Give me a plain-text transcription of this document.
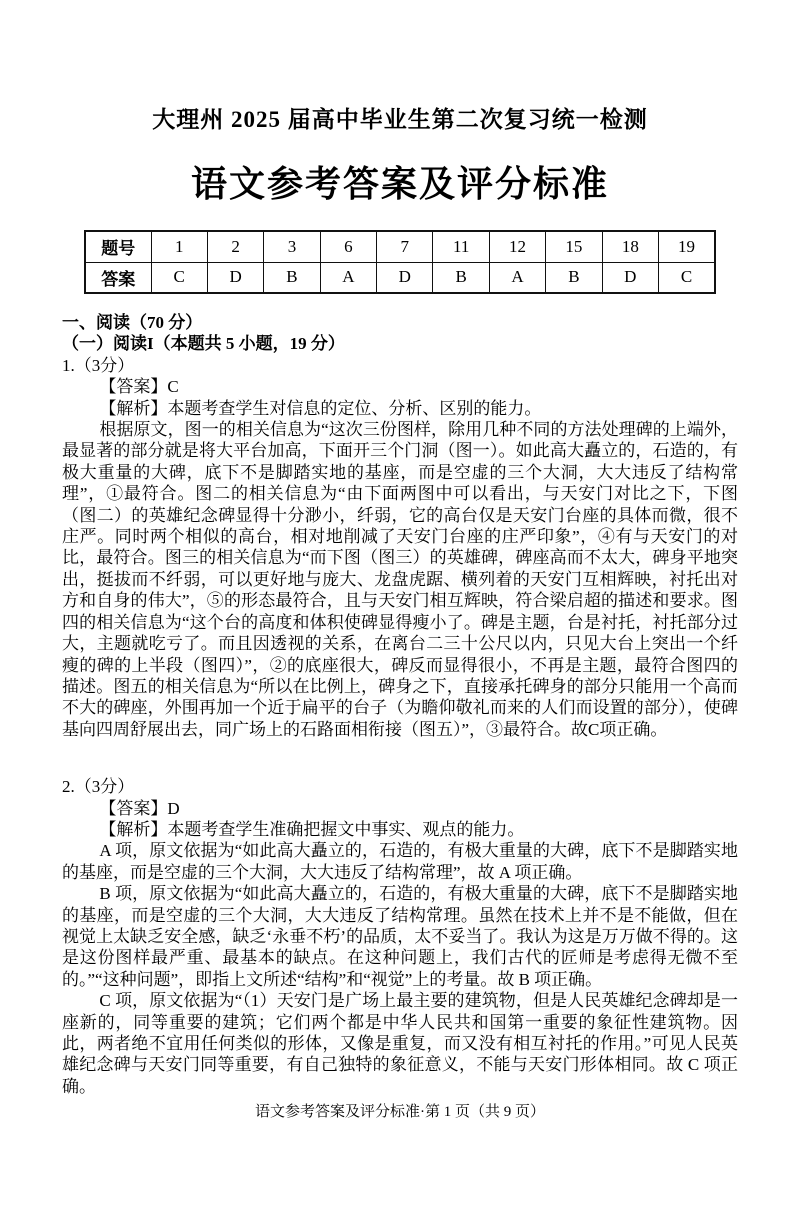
大理州 2025 届高中毕业生第二次复习统一检测
语文参考答案及评分标准
题号	1	2	3	6	7	11	12	15	18	19
答案	C	D	B	A	D	B	A	B	D	C
一、阅读（70 分）
（一）阅读I（本题共 5 小题，19 分）
1.（3分）
【答案】C
【解析】本题考查学生对信息的定位、分析、区别的能力。
根据原文，图一的相关信息为“这次三份图样，除用几种不同的方法处理碑的上端外，最显著的部分就是将大平台加高，下面开三个门洞（图一）。如此高大矗立的，石造的，有极大重量的大碑，底下不是脚踏实地的基座，而是空虚的三个大洞，大大违反了结构常理”，①最符合。图二的相关信息为“由下面两图中可以看出，与天安门对比之下，下图（图二）的英雄纪念碑显得十分渺小，纤弱，它的高台仅是天安门台座的具体而微，很不庄严。同时两个相似的高台，相对地削减了天安门台座的庄严印象”，④有与天安门的对比，最符合。图三的相关信息为“而下图（图三）的英雄碑，碑座高而不太大，碑身平地突出，挺拔而不纤弱，可以更好地与庞大、龙盘虎踞、横列着的天安门互相辉映，衬托出对方和自身的伟大”，⑤的形态最符合，且与天安门相互辉映，符合梁启超的描述和要求。图四的相关信息为“这个台的高度和体积使碑显得瘦小了。碑是主题，台是衬托，衬托部分过大，主题就吃亏了。而且因透视的关系，在离台二三十公尺以内，只见大台上突出一个纤瘦的碑的上半段（图四）”，②的底座很大，碑反而显得很小，不再是主题，最符合图四的描述。图五的相关信息为“所以在比例上，碑身之下，直接承托碑身的部分只能用一个高而不大的碑座，外围再加一个近于扁平的台子（为瞻仰敬礼而来的人们而设置的部分），使碑基向四周舒展出去，同广场上的石路面相衔接（图五）”，③最符合。故C项正确。
2.（3分）
【答案】D
【解析】本题考查学生准确把握文中事实、观点的能力。
A 项，原文依据为“如此高大矗立的，石造的，有极大重量的大碑，底下不是脚踏实地的基座，而是空虚的三个大洞，大大违反了结构常理”，故 A 项正确。
B 项，原文依据为“如此高大矗立的，石造的，有极大重量的大碑，底下不是脚踏实地的基座，而是空虚的三个大洞，大大违反了结构常理。虽然在技术上并不是不能做，但在视觉上太缺乏安全感，缺乏‘永垂不朽’的品质，太不妥当了。我认为这是万万做不得的。这是这份图样最严重、最基本的缺点。在这种问题上，我们古代的匠师是考虑得无微不至的。”“这种问题”，即指上文所述“结构”和“视觉”上的考量。故 B 项正确。
C 项，原文依据为“（1）天安门是广场上最主要的建筑物，但是人民英雄纪念碑却是一座新的，同等重要的建筑；它们两个都是中华人民共和国第一重要的象征性建筑物。因此，两者绝不宜用任何类似的形体，又像是重复，而又没有相互衬托的作用。”可见人民英雄纪念碑与天安门同等重要，有自己独特的象征意义，不能与天安门形体相同。故 C 项正确。
语文参考答案及评分标准·第 1 页（共 9 页）
